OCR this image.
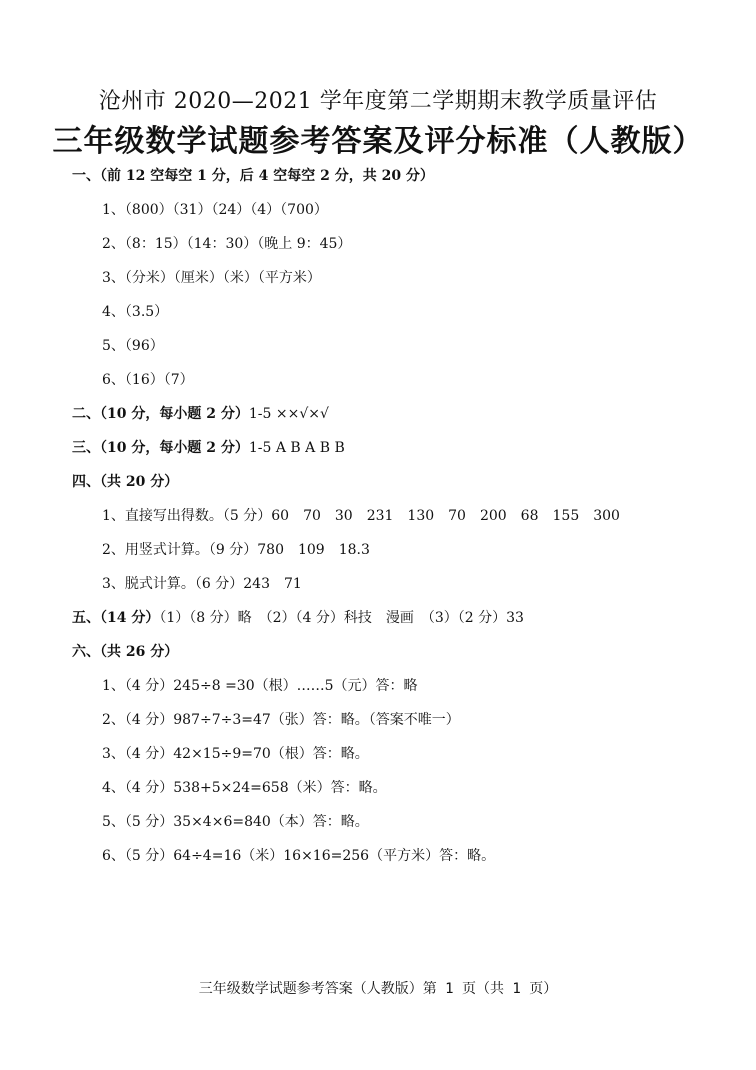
沧州市 2020—2021 学年度第二学期期末教学质量评估
三年级数学试题参考答案及评分标准（人教版）
一、（前 12 空每空 1 分，后 4 空每空 2 分，共 20 分）
1、（800）（31）（24）（4）（700）
2、（8：15）（14：30）（晚上 9：45）
3、（分米）（厘米）（米）（平方米）
4、（3.5）
5、（96）
6、（16）（7）
二、（10 分，每小题 2 分）1-5 ××√×√
三、（10 分，每小题 2 分）1-5 A B A B B
四、（共 20 分）
1、直接写出得数。（5 分）60　70　30　231　130　70　200　68　155　300
2、用竖式计算。（9 分）780　109　18.3
3、脱式计算。（6 分）243　71
五、（14 分）（1）（8 分）略　（2）（4 分）科技　漫画　（3）（2 分）33
六、（共 26 分）
1、（4 分）245÷8 =30（根）……5（元）答：略
2、（4 分）987÷7÷3=47（张）答：略。（答案不唯一）
3、（4 分）42×15÷9=70（根）答：略。
4、（4 分）538+5×24=658（米）答：略。
5、（5 分）35×4×6=840（本）答：略。
6、（5 分）64÷4=16（米）16×16=256（平方米）答：略。
三年级数学试题参考答案（人教版）第 1 页（共 1 页）
